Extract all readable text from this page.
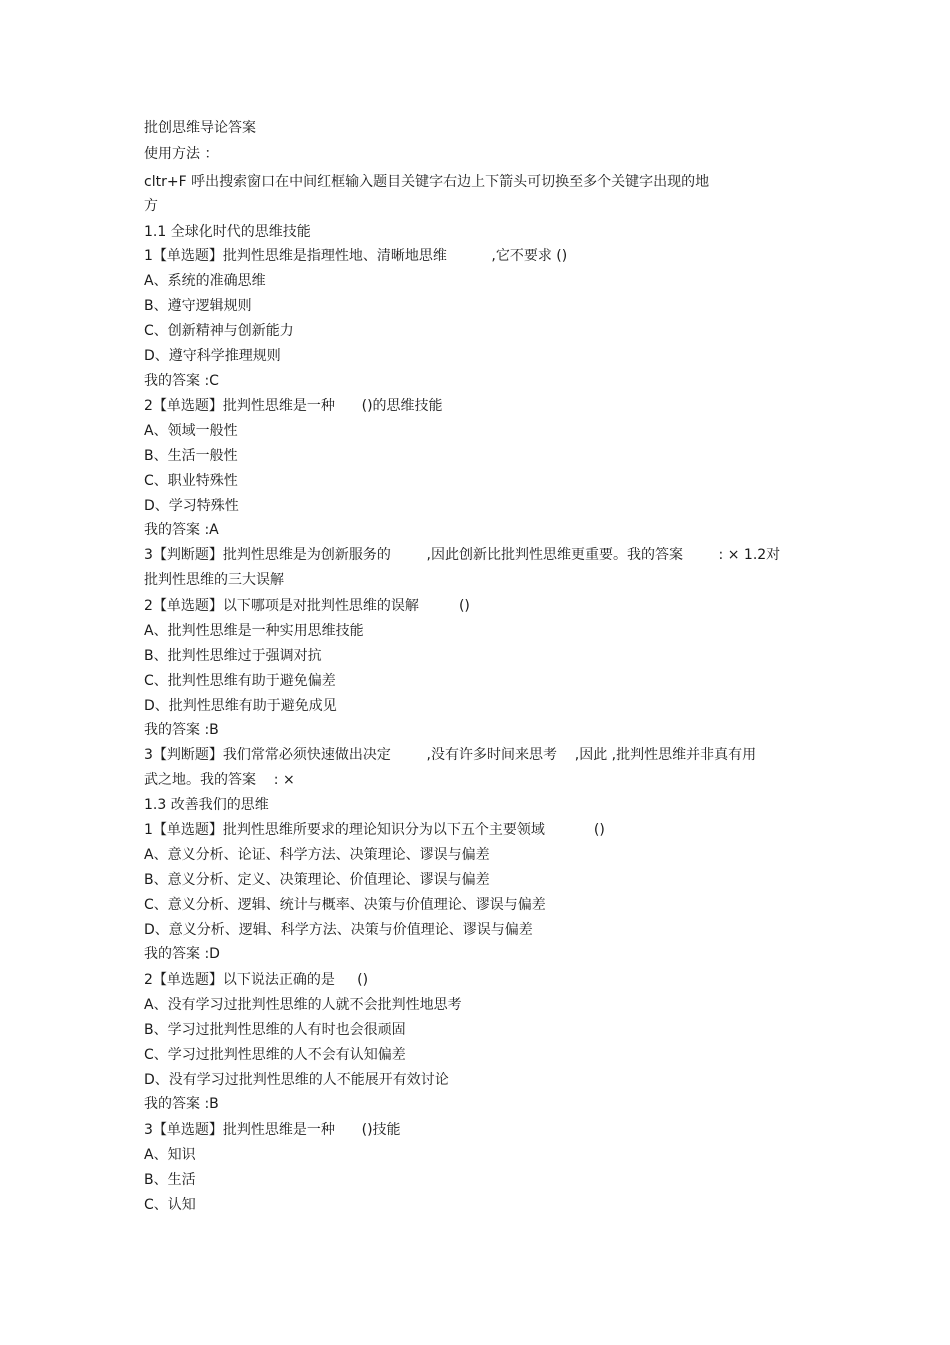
批创思维导论答案
使用方法 ：
cltr+F 呼出搜索窗口在中间红框输入题目关键字右边上下箭头可切换至多个关键字出现的地
方
1.1 全球化时代的思维技能
1【单选题】批判性思维是指理性地、清晰地思维          ,它不要求 ()
A、系统的准确思维
B、遵守逻辑规则
C、创新精神与创新能力
D、遵守科学推理规则
我的答案 :C
2【单选题】批判性思维是一种      ()的思维技能
A、领域一般性
B、生活一般性
C、职业特殊性
D、学习特殊性
我的答案 :A
3【判断题】批判性思维是为创新服务的        ,因此创新比批判性思维更重要。我的答案        : × 1.2对
批判性思维的三大误解
2【单选题】以下哪项是对批判性思维的误解         ()
A、批判性思维是一种实用思维技能
B、批判性思维过于强调对抗
C、批判性思维有助于避免偏差
D、批判性思维有助于避免成见
我的答案 :B
3【判断题】我们常常必须快速做出决定        ,没有许多时间来思考    ,因此 ,批判性思维并非真有用
武之地。我的答案    : ×
1.3 改善我们的思维
1【单选题】批判性思维所要求的理论知识分为以下五个主要领域           ()
A、意义分析、论证、科学方法、决策理论、谬误与偏差
B、意义分析、定义、决策理论、价值理论、谬误与偏差
C、意义分析、逻辑、统计与概率、决策与价值理论、谬误与偏差
D、意义分析、逻辑、科学方法、决策与价值理论、谬误与偏差
我的答案 :D
2【单选题】以下说法正确的是     ()
A、没有学习过批判性思维的人就不会批判性地思考
B、学习过批判性思维的人有时也会很顽固
C、学习过批判性思维的人不会有认知偏差
D、没有学习过批判性思维的人不能展开有效讨论
我的答案 :B
3【单选题】批判性思维是一种      ()技能
A、知识
B、生活
C、认知
